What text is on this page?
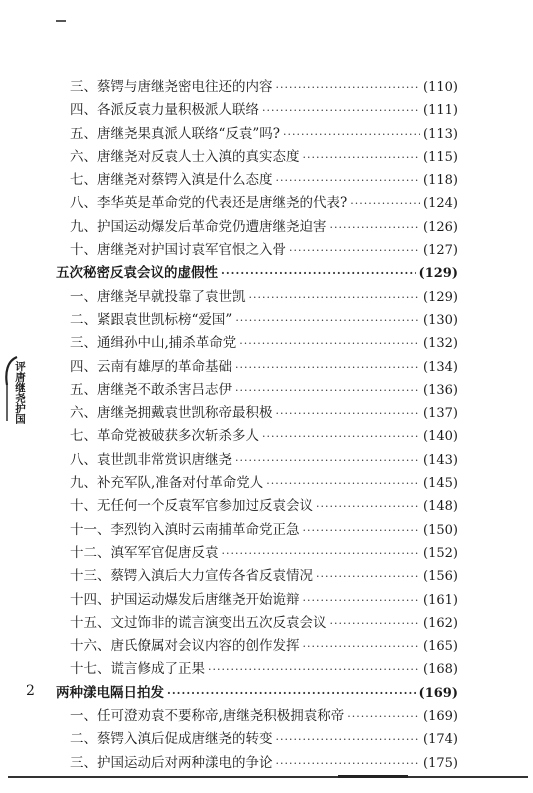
三、蔡锷与唐继尧密电往还的内容 ·····	(110)
四、各派反袁力量积极派人联络 ·····	(111)
五、唐继尧果真派人联络“反袁”吗? ·····	(113)
六、唐继尧对反袁人士入滇的真实态度 ·····	(115)
七、唐继尧对蔡锷入滇是什么态度 ·····	(118)
八、李华英是革命党的代表还是唐继尧的代表? ·····	(124)
九、护国运动爆发后革命党仍遭唐继尧迫害 ·····	(126)
十、唐继尧对护国讨袁军官恨之入骨 ·····	(127)
五次秘密反袁会议的虚假性 ·····	(129)
一、唐继尧早就投靠了袁世凯 ·····	(129)
二、紧跟袁世凯标榜“爱国” ·····	(130)
三、通缉孙中山,捕杀革命党 ·····	(132)
四、云南有雄厚的革命基础 ·····	(134)
五、唐继尧不敢杀害吕志伊 ·····	(136)
六、唐继尧拥戴袁世凯称帝最积极 ·····	(137)
七、革命党被破获多次斩杀多人 ·····	(140)
八、袁世凯非常赏识唐继尧 ·····	(143)
九、补充军队,准备对付革命党人 ·····	(145)
十、无任何一个反袁军官参加过反袁会议 ·····	(148)
十一、李烈钧入滇时云南捕革命党正急 ·····	(150)
十二、滇军军官促唐反袁 ·····	(152)
十三、蔡锷入滇后大力宣传各省反袁情况 ·····	(156)
十四、护国运动爆发后唐继尧开始诡辩 ·····	(161)
十五、文过饰非的谎言演变出五次反袁会议 ·····	(162)
十六、唐氏僚属对会议内容的创作发挥 ·····	(165)
十七、谎言修成了正果 ·····	(168)
两种漾电隔日拍发 ·····	(169)
一、任可澄劝袁不要称帝,唐继尧积极拥袁称帝 ·····	(169)
二、蔡锷入滇后促成唐继尧的转变 ·····	(174)
三、护国运动后对两种漾电的争论 ·····	(175)
评唐继尧护国
2
